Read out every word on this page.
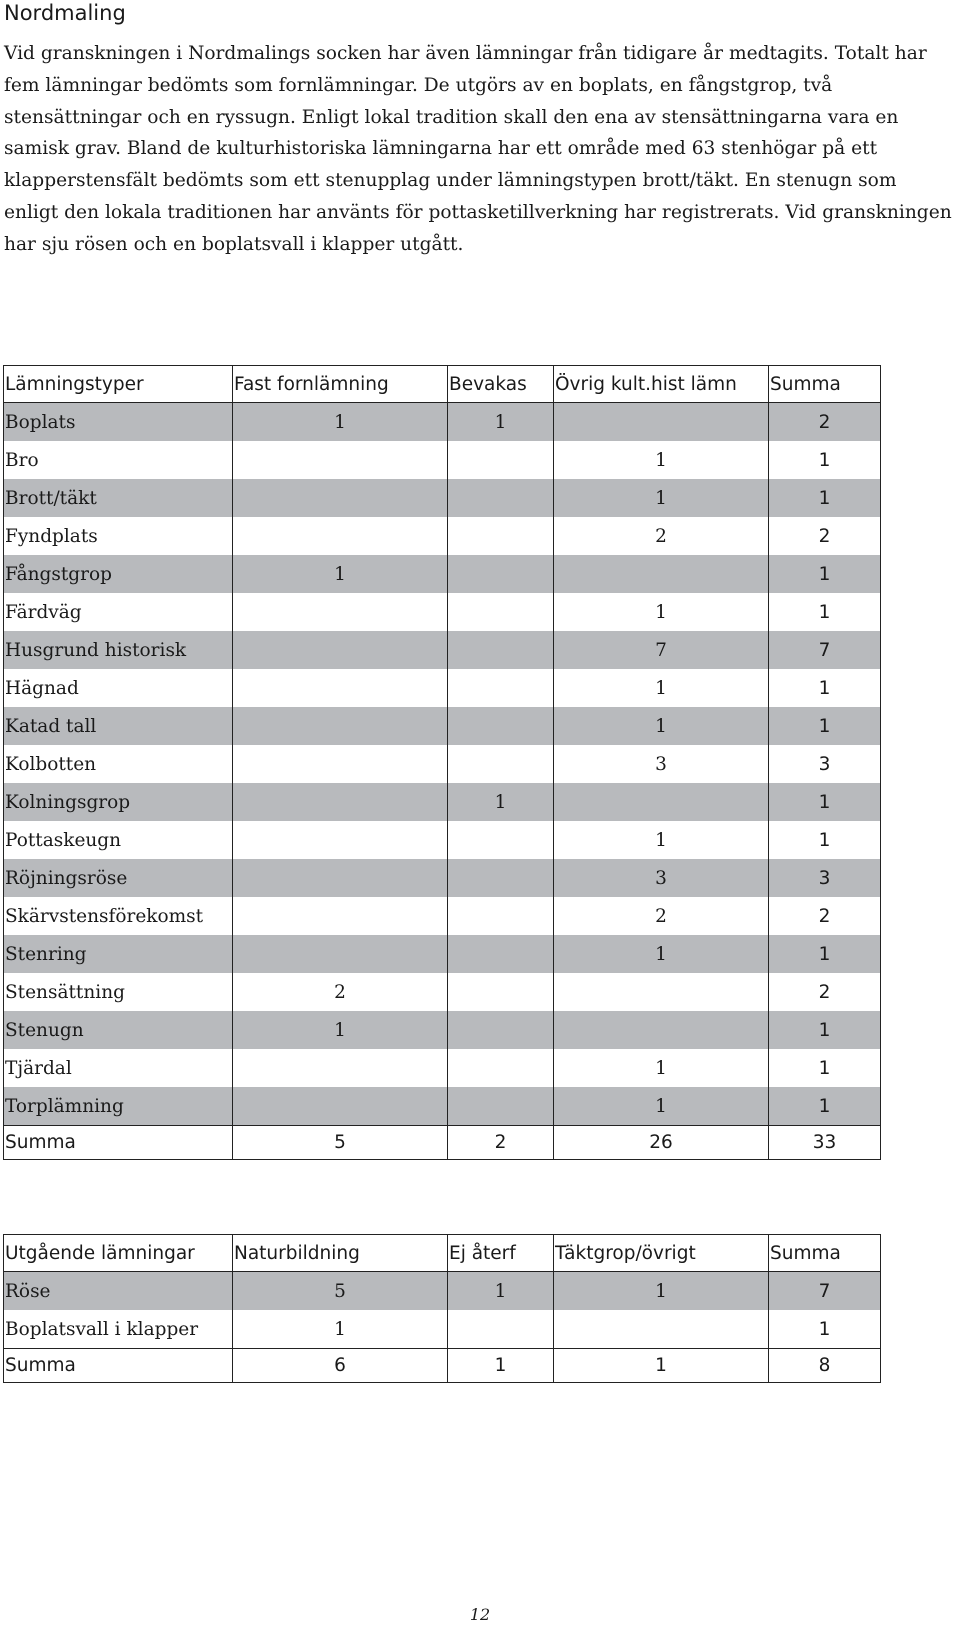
Nordmaling

Vid granskningen i Nordmalings socken har även lämningar från tidigare år medtagits. Totalt har fem lämningar bedömts som fornlämningar. De utgörs av en boplats, en fångstgrop, två stensättningar och en ryssugn. Enligt lokal tradition skall den ena av stensättningarna vara en samisk grav. Bland de kulturhistoriska lämningarna har ett område med 63 stenhögar på ett klapperstensfält bedömts som ett stenupplag under lämningstypen brott/täkt. En stenugn som enligt den lokala traditionen har använts för pottasketillverkning har registrerats. Vid granskningen har sju rösen och en boplatsvall i klapper utgått.

Lämningstyper	Fast fornlämning	Bevakas	Övrig kult.hist lämn	Summa
Boplats	1	1		2
Bro			1	1
Brott/täkt			1	1
Fyndplats			2	2
Fångstgrop	1			1
Färdväg			1	1
Husgrund historisk			7	7
Hägnad			1	1
Katad tall			1	1
Kolbotten			3	3
Kolningsgrop		1		1
Pottaskeugn			1	1
Röjningsröse			3	3
Skärvstensförekomst			2	2
Stenring			1	1
Stensättning	2			2
Stenugn	1			1
Tjärdal			1	1
Torplämning			1	1
Summa	5	2	26	33
Utgående lämningar	Naturbildning	Ej återf	Täktgrop/övrigt	Summa
Röse	5	1	1	7
Boplatsvall i klapper	1			1
Summa	6	1	1	8
12
